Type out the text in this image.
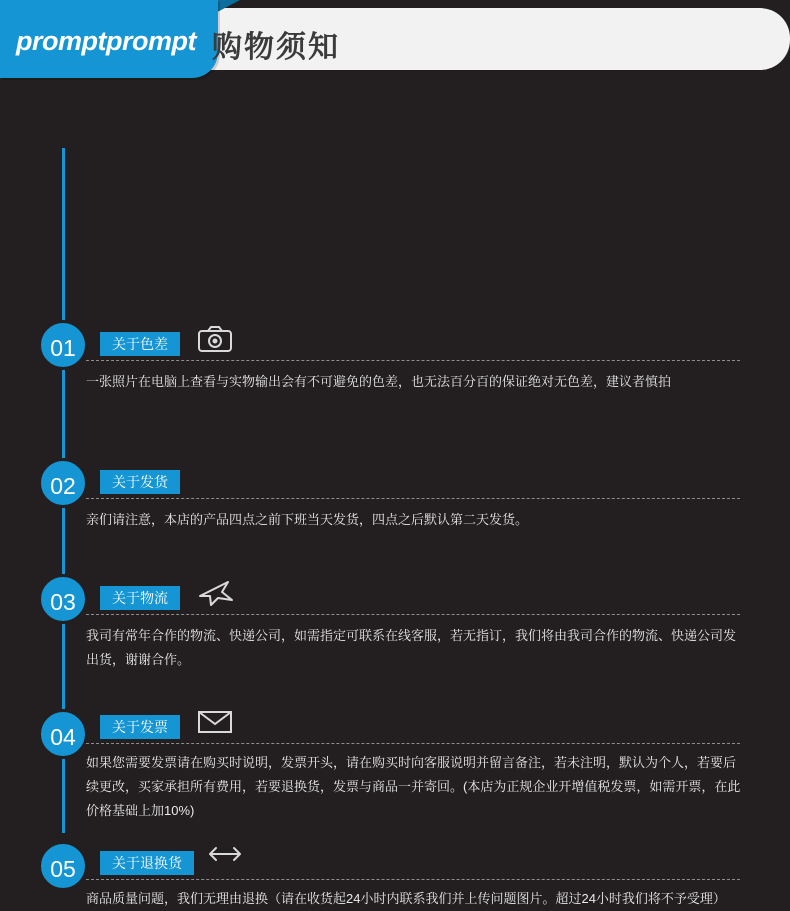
promptprompt 购物须知
01	关于色差
一张照片在电脑上查看与实物输出会有不可避免的色差，也无法百分百的保证绝对无色差，建议者慎拍
02	关于发货
亲们请注意，本店的产品四点之前下班当天发货，四点之后默认第二天发货。
03	关于物流
我司有常年合作的物流、快递公司，如需指定可联系在线客服，若无指订，我们将由我司合作的物流、快递公司发出货，谢谢合作。
04	关于发票
如果您需要发票请在购买时说明，发票开头，请在购买时向客服说明并留言备注，若未注明，默认为个人，若要后续更改，买家承担所有费用，若要退换货，发票与商品一并寄回。(本店为正规企业开增值税发票，如需开票，在此价格基础上加10%)
05	关于退换货
商品质量问题，我们无理由退换（请在收货起24小时内联系我们并上传问题图片。超过24小时我们将不予受理）
